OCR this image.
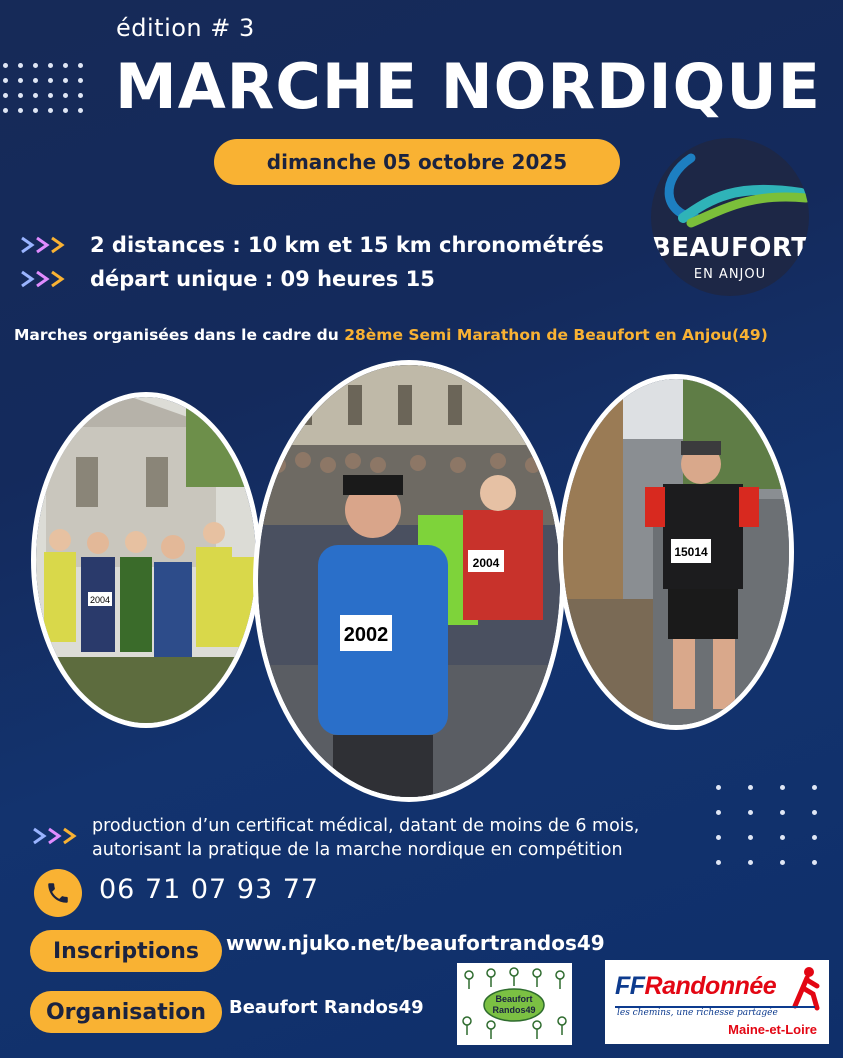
édition # 3
MARCHE NORDIQUE
dimanche 05 octobre 2025
BEAUFORT
EN ANJOU
2 distances : 10 km et 15 km chronométrés
départ unique : 09 heures 15
Marches organisées dans le cadre du 28ème Semi Marathon de Beaufort en Anjou(49)
2004
2004
2002
15014
production d’un certificat médical, datant de moins de 6 mois,
autorisant la pratique de la marche nordique en compétition
06 71 07 93 77
Inscriptions	www.njuko.net/beaufortrandos49
Organisation	Beaufort Randos49	Beaufort
Randos49
FFRandonnée
les chemins, une richesse partagée
Maine-et-Loire
